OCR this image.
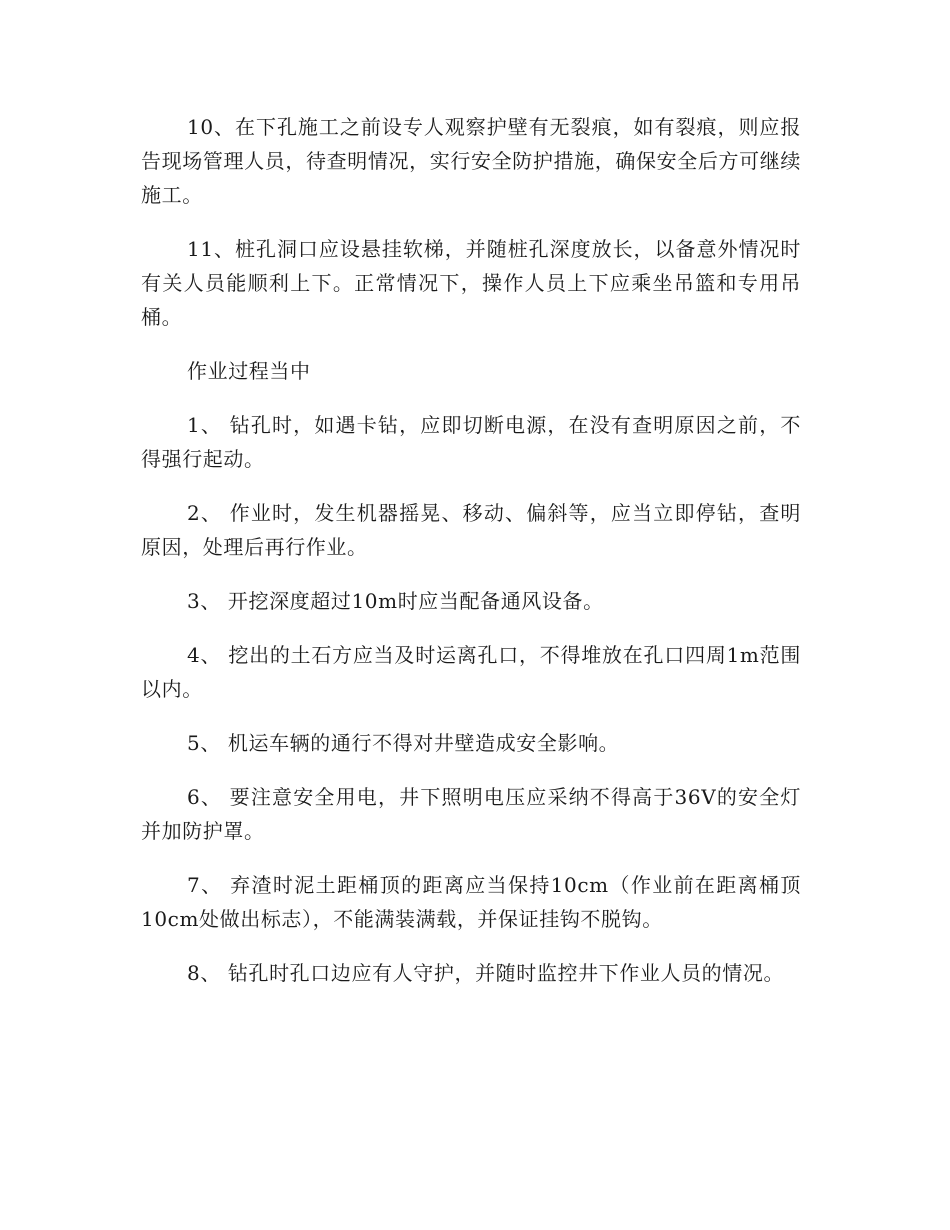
10、在下孔施工之前设专人观察护壁有无裂痕，如有裂痕，则应报告现场管理人员，待查明情况，实行安全防护措施，确保安全后方可继续施工。

11、桩孔洞口应设悬挂软梯，并随桩孔深度放长，以备意外情况时有关人员能顺利上下。正常情况下，操作人员上下应乘坐吊篮和专用吊桶。

作业过程当中

1、 钻孔时，如遇卡钻，应即切断电源，在没有查明原因之前，不得强行起动。

2、 作业时，发生机器摇晃、移动、偏斜等，应当立即停钻，查明原因，处理后再行作业。

3、 开挖深度超过10m时应当配备通风设备。

4、 挖出的土石方应当及时运离孔口，不得堆放在孔口四周1m范围以内。

5、 机运车辆的通行不得对井壁造成安全影响。

6、 要注意安全用电，井下照明电压应采纳不得高于36V的安全灯并加防护罩。

7、 弃渣时泥土距桶顶的距离应当保持10cm（作业前在距离桶顶10cm处做出标志），不能满装满载，并保证挂钩不脱钩。

8、 钻孔时孔口边应有人守护，并随时监控井下作业人员的情况。
